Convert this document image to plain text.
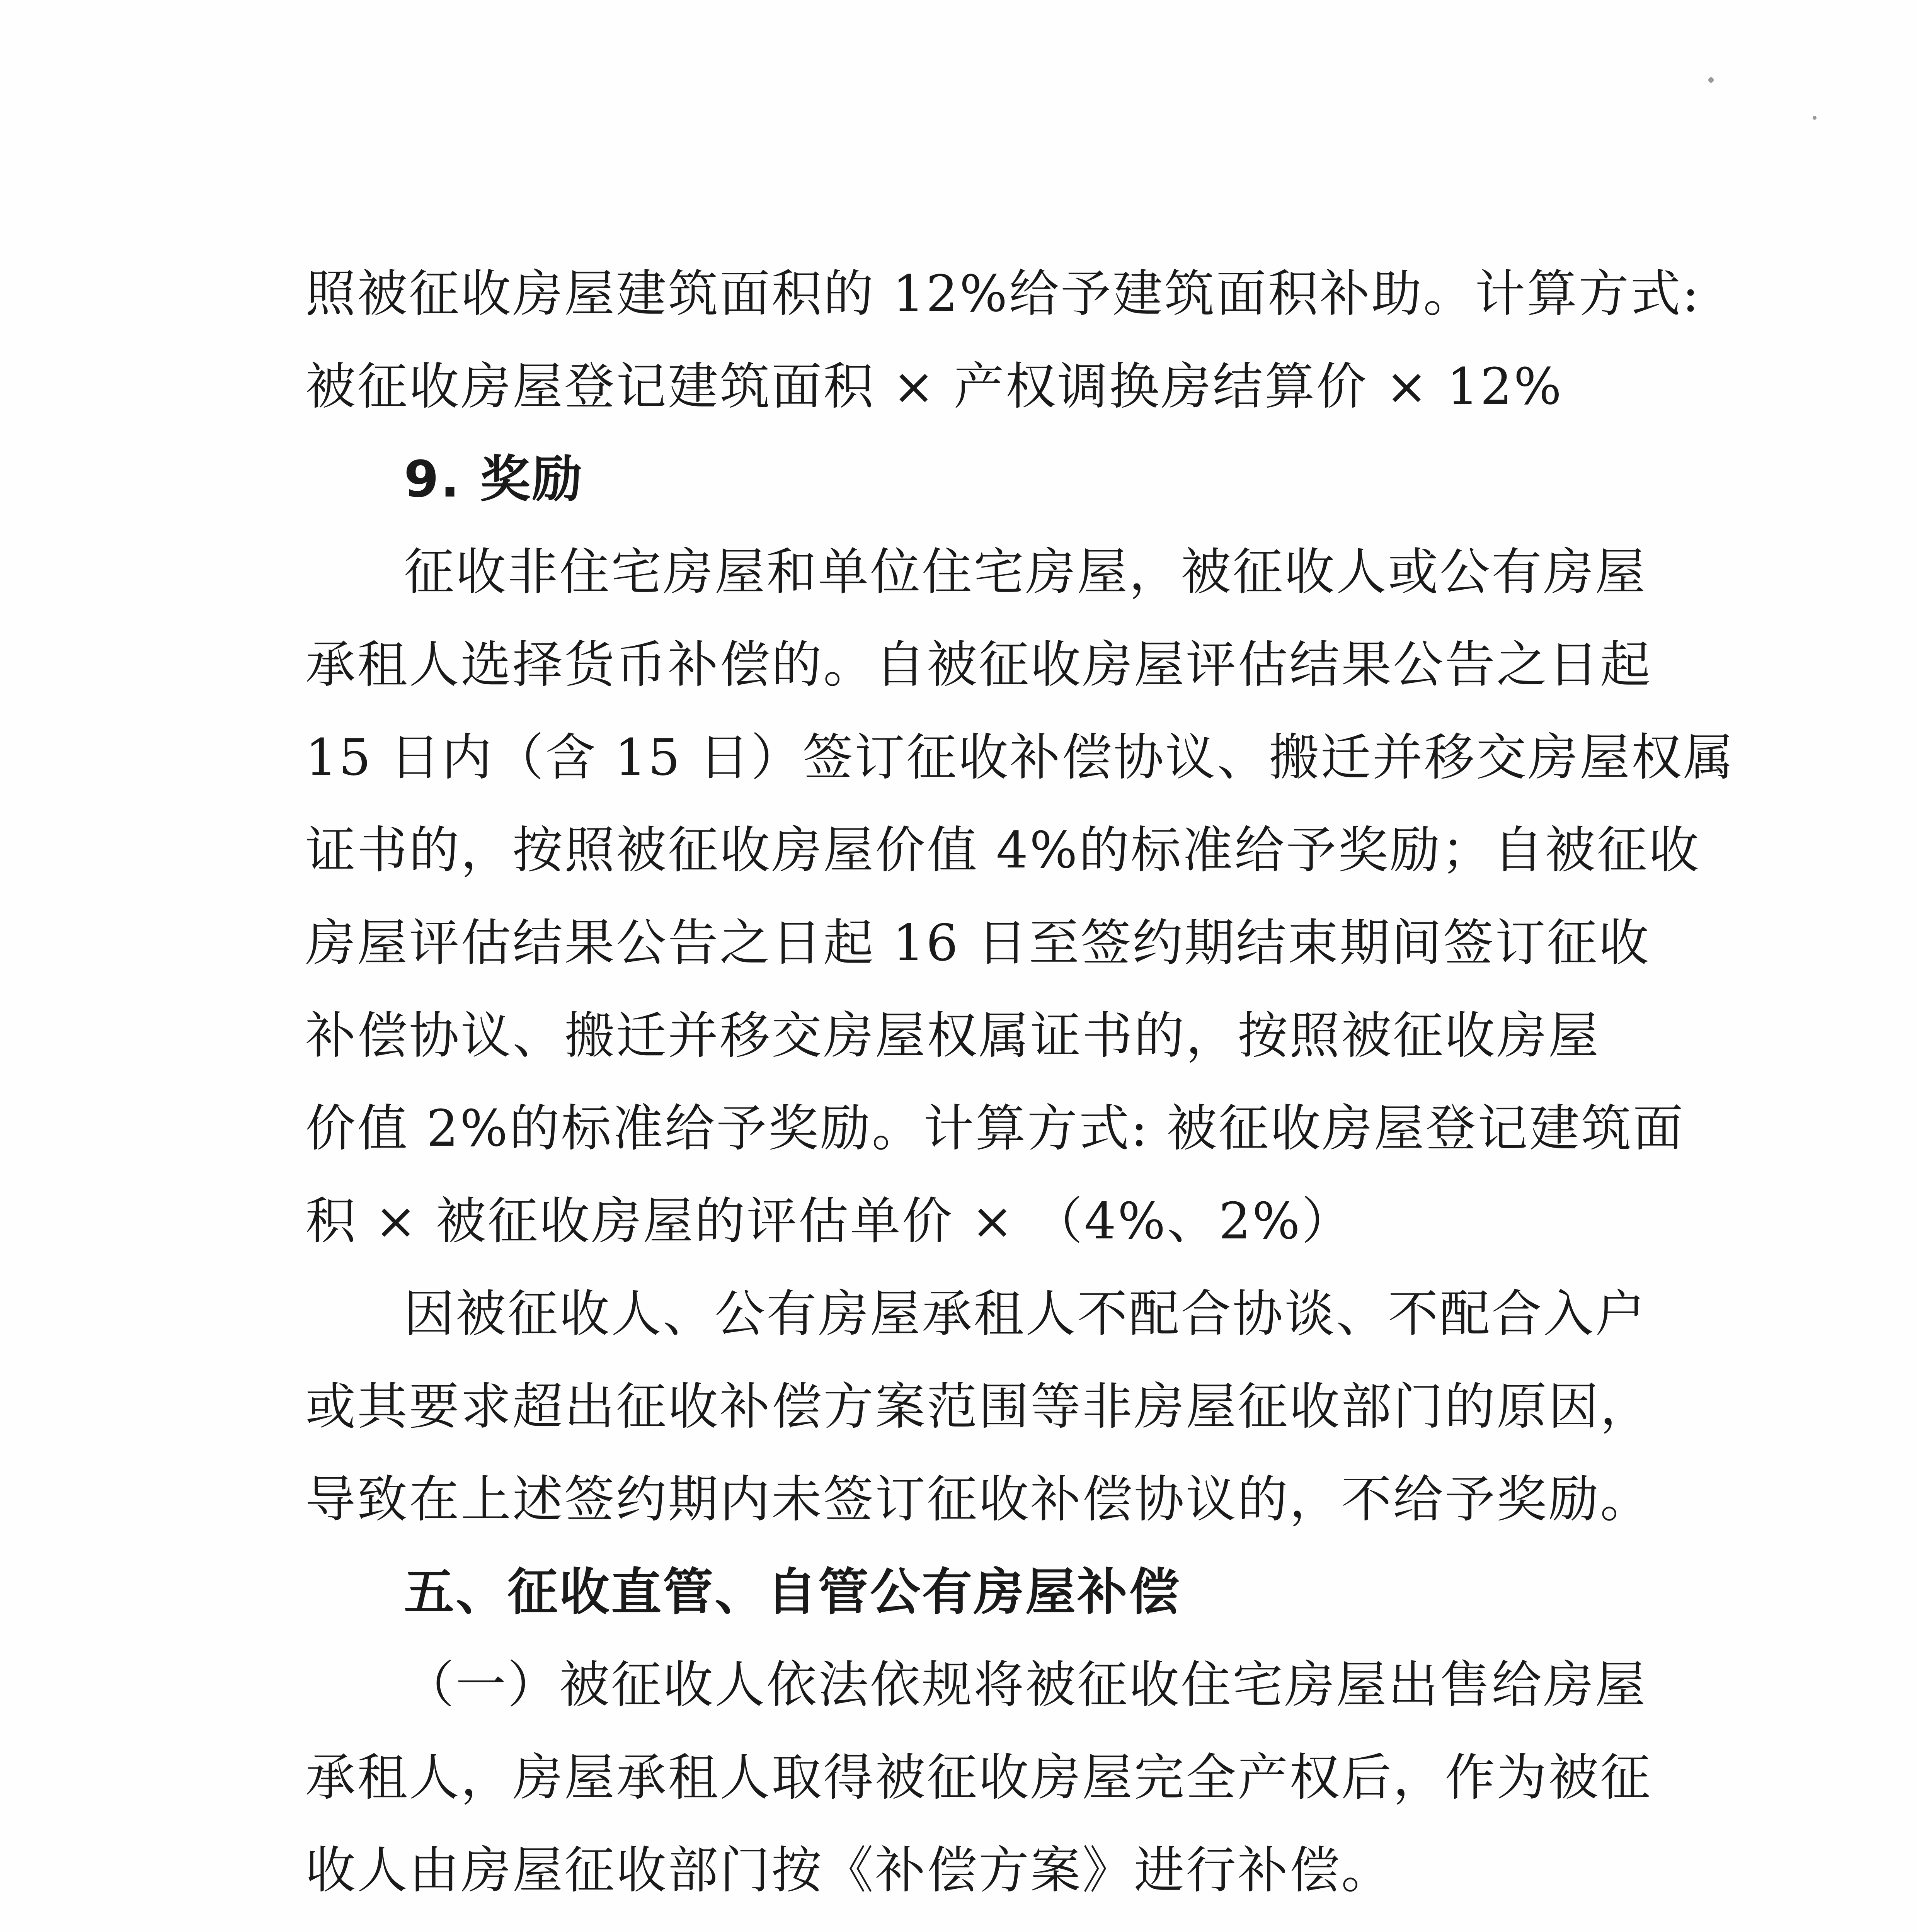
照被征收房屋建筑面积的 12%给予建筑面积补助。计算方式:
被征收房屋登记建筑面积 × 产权调换房结算价 × 12%
9. 奖励
征收非住宅房屋和单位住宅房屋，被征收人或公有房屋
承租人选择货币补偿的。自被征收房屋评估结果公告之日起
15 日内（含 15 日）签订征收补偿协议、搬迁并移交房屋权属
证书的，按照被征收房屋价值 4%的标准给予奖励；自被征收
房屋评估结果公告之日起 16 日至签约期结束期间签订征收
补偿协议、搬迁并移交房屋权属证书的，按照被征收房屋
价值 2%的标准给予奖励。计算方式: 被征收房屋登记建筑面
积 × 被征收房屋的评估单价 × （4%、2%）
因被征收人、公有房屋承租人不配合协谈、不配合入户
或其要求超出征收补偿方案范围等非房屋征收部门的原因，
导致在上述签约期内未签订征收补偿协议的，不给予奖励。
五、征收直管、自管公有房屋补偿
（一）被征收人依法依规将被征收住宅房屋出售给房屋
承租人，房屋承租人取得被征收房屋完全产权后，作为被征
收人由房屋征收部门按《补偿方案》进行补偿。
